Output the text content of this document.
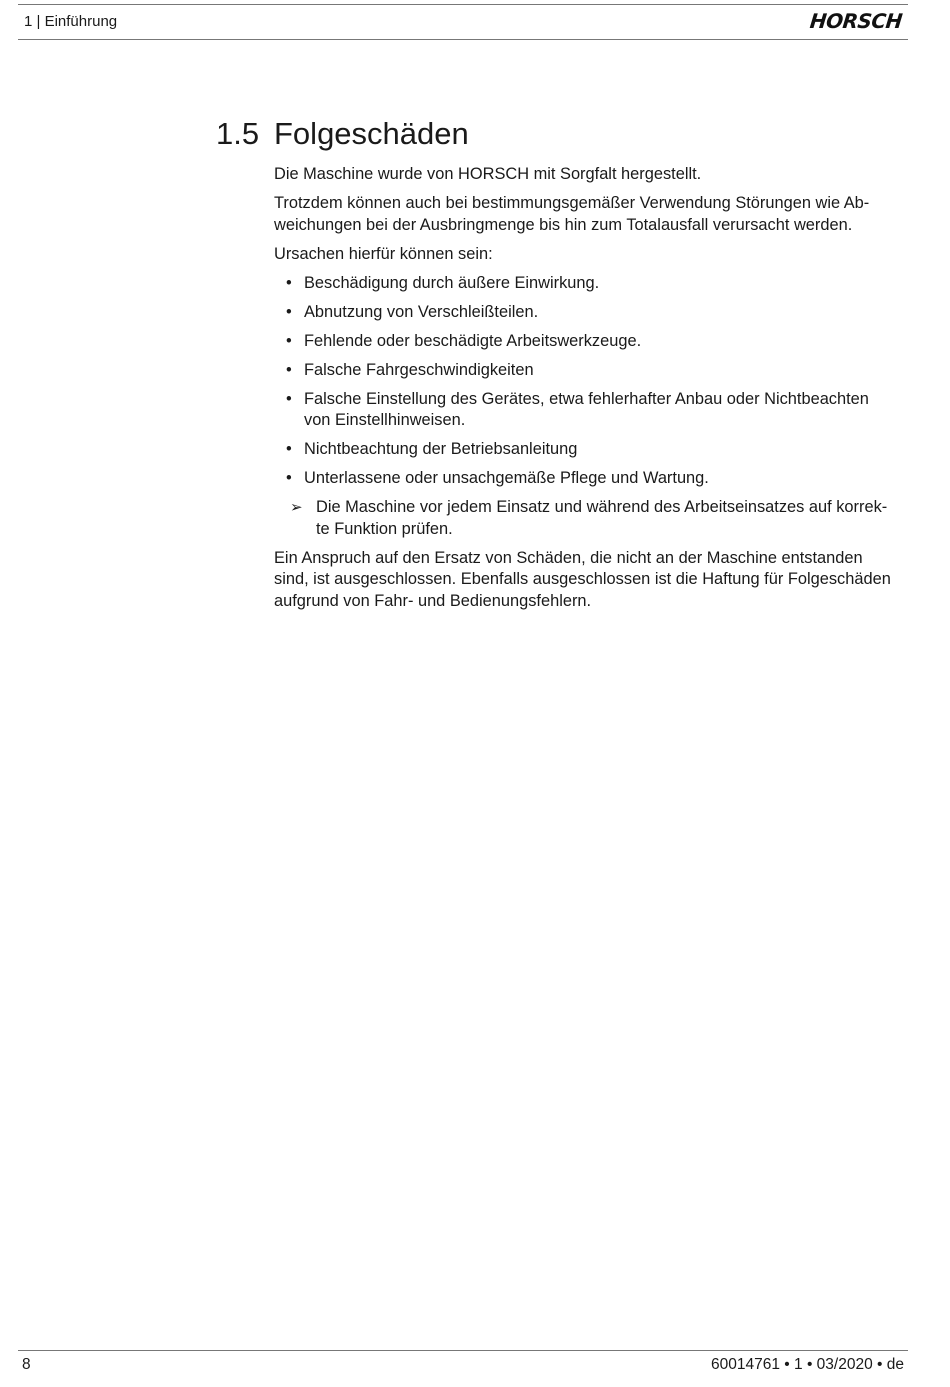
1 | Einführung	HORSCH
1.5 Folgeschäden

Die Maschine wurde von HORSCH mit Sorgfalt hergestellt.

Trotzdem können auch bei bestimmungsgemäßer Verwendung Störungen wie Ab-weichungen bei der Ausbringmenge bis hin zum Totalausfall verursacht werden.

Ursachen hierfür können sein:

• Beschädigung durch äußere Einwirkung.
• Abnutzung von Verschleißteilen.
• Fehlende oder beschädigte Arbeitswerkzeuge.
• Falsche Fahrgeschwindigkeiten
• Falsche Einstellung des Gerätes, etwa fehlerhafter Anbau oder Nichtbeachten von Einstellhinweisen.
• Nichtbeachtung der Betriebsanleitung
• Unterlassene oder unsachgemäße Pflege und Wartung.
➢ Die Maschine vor jedem Einsatz und während des Arbeitseinsatzes auf korrek-te Funktion prüfen.

Ein Anspruch auf den Ersatz von Schäden, die nicht an der Maschine entstanden sind, ist ausgeschlossen. Ebenfalls ausgeschlossen ist die Haftung für Folgeschäden aufgrund von Fahr- und Bedienungsfehlern.

8	60014761 • 1 • 03/2020 • de
